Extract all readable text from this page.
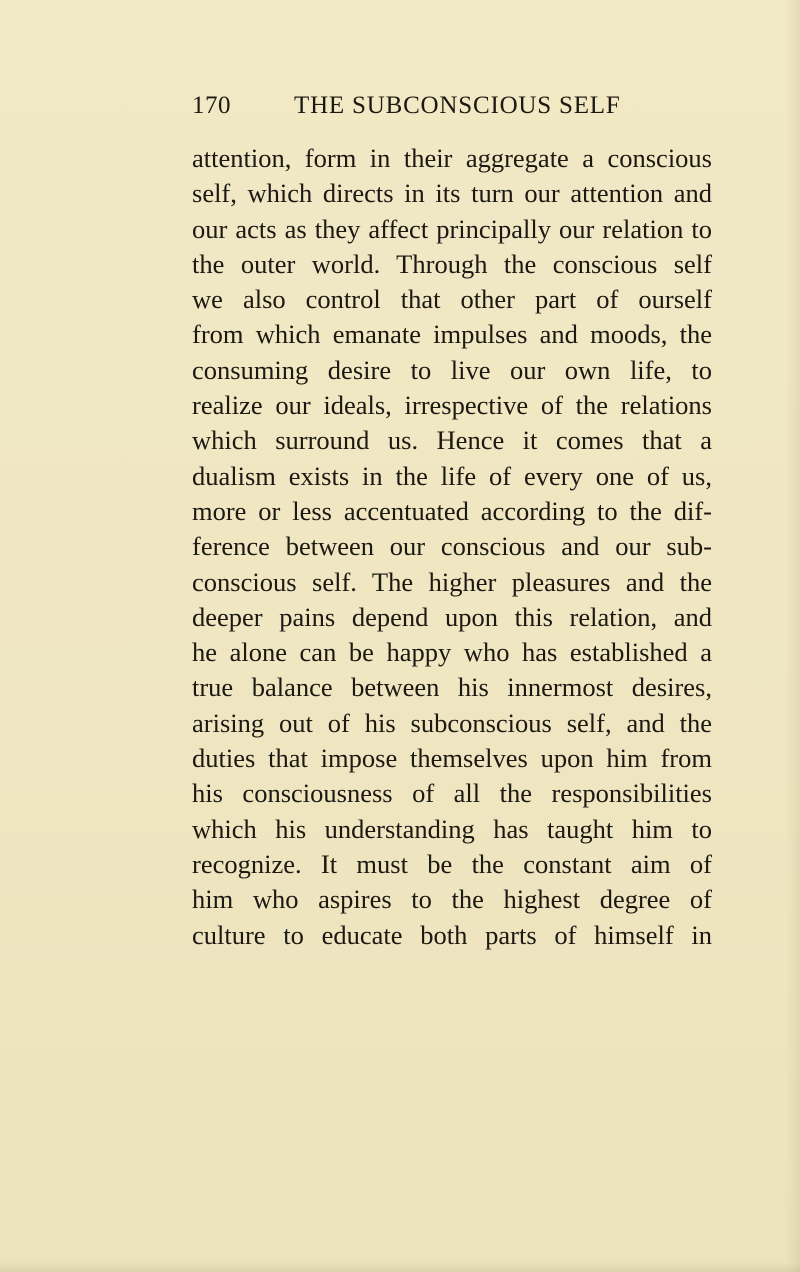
170	THE SUBCONSCIOUS SELF
attention, form in their aggregate a conscious
self, which directs in its turn our attention and
our acts as they affect principally our relation to
the outer world. Through the conscious self
we also control that other part of ourself
from which emanate impulses and moods, the
consuming desire to live our own life, to
realize our ideals, irrespective of the relations
which surround us. Hence it comes that a
dualism exists in the life of every one of us,
more or less accentuated according to the dif-
ference between our conscious and our sub-
conscious self. The higher pleasures and the
deeper pains depend upon this relation, and
he alone can be happy who has established a
true balance between his innermost desires,
arising out of his subconscious self, and the
duties that impose themselves upon him from
his consciousness of all the responsibilities
which his understanding has taught him to
recognize. It must be the constant aim of
him who aspires to the highest degree of
culture to educate both parts of himself in
